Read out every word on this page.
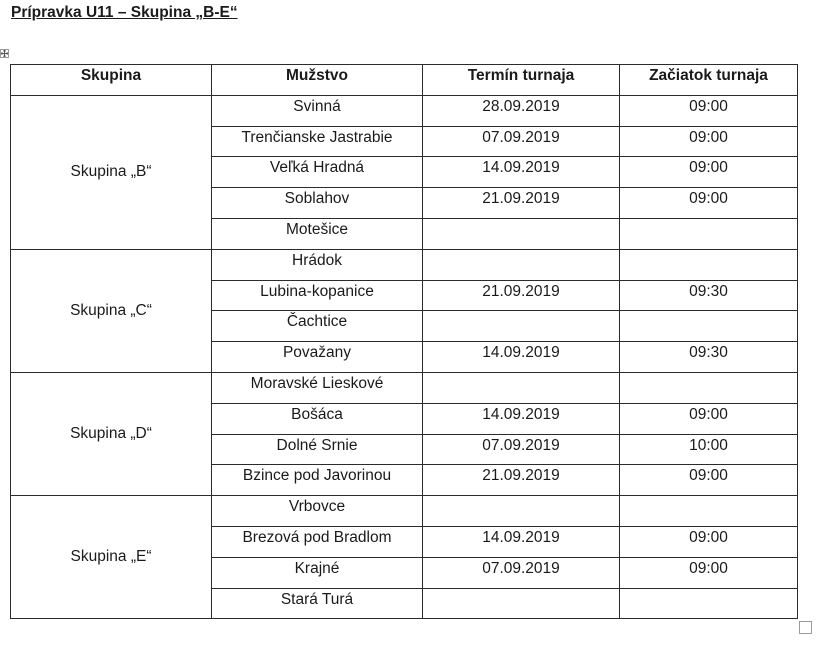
Prípravka U11 – Skupina „B-E“
Skupina	Mužstvo	Termín turnaja	Začiatok turnaja
Skupina „B“	Svinná	28.09.2019	09:00
	Trenčianske Jastrabie	07.09.2019	09:00
	Veľká Hradná	14.09.2019	09:00
	Soblahov	21.09.2019	09:00
	Motešice		
Skupina „C“	Hrádok		
	Lubina-kopanice	21.09.2019	09:30
	Čachtice		
	Považany	14.09.2019	09:30
Skupina „D“	Moravské Lieskové		
	Bošáca	14.09.2019	09:00
	Dolné Srnie	07.09.2019	10:00
	Bzince pod Javorinou	21.09.2019	09:00
Skupina „E“	Vrbovce		
	Brezová pod Bradlom	14.09.2019	09:00
	Krajné	07.09.2019	09:00
	Stará Turá		
